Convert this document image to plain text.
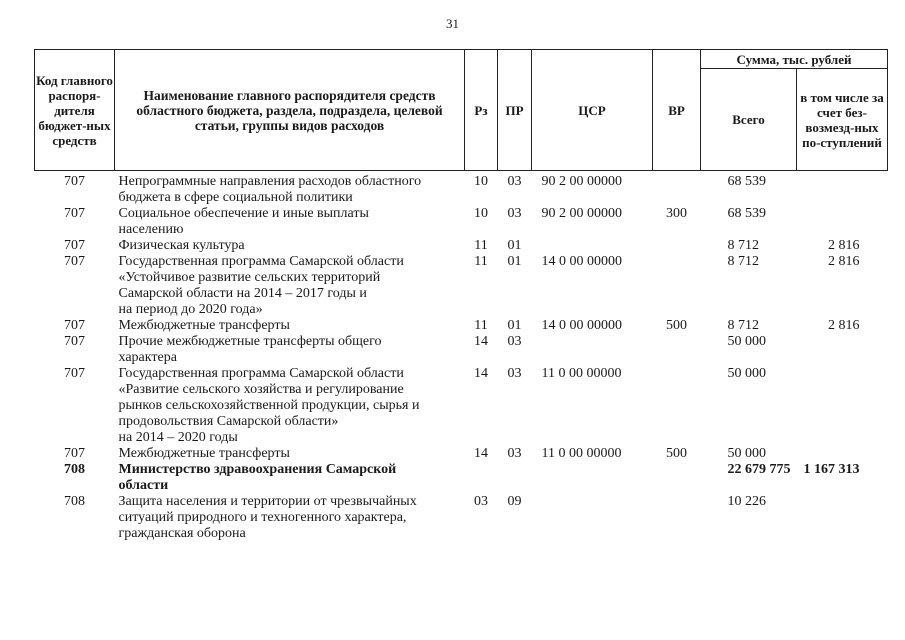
31
Код главного распоря-дителя бюджет-ных средств	Наименование главного распорядителя средств областного бюджета, раздела, подраздела, целевой статьи, группы видов расходов	Рз	ПР	ЦСР	ВР	Сумма, тыс. рублей	
						Всего	в том числе за счет без-возмезд-ных по-ступлений
707	Непрограммные направления расходов областного
бюджета в сфере социальной политики	10	03	90 2 00 00000		68 539	
707	Социальное обеспечение и иные выплаты
населению	10	03	90 2 00 00000	300	68 539	
707	Физическая культура	11	01			8 712	2 816
707	Государственная программа Самарской области
«Устойчивое развитие сельских территорий
Самарской области на 2014 – 2017 годы и
на период до 2020 года»	11	01	14 0 00 00000		8 712	2 816
707	Межбюджетные трансферты	11	01	14 0 00 00000	500	8 712	2 816
707	Прочие межбюджетные трансферты общего
характера	14	03			50 000	
707	Государственная программа Самарской области
«Развитие сельского хозяйства и регулирование
рынков сельскохозяйственной продукции, сырья и
продовольствия Самарской области»
на 2014 – 2020 годы	14	03	11 0 00 00000		50 000	
707	Межбюджетные трансферты	14	03	11 0 00 00000	500	50 000	
708	Министерство здравоохранения Самарской
области					22 679 775	1 167 313
708	Защита населения и территории от чрезвычайных
ситуаций природного и техногенного характера,
гражданская оборона	03	09			10 226	
